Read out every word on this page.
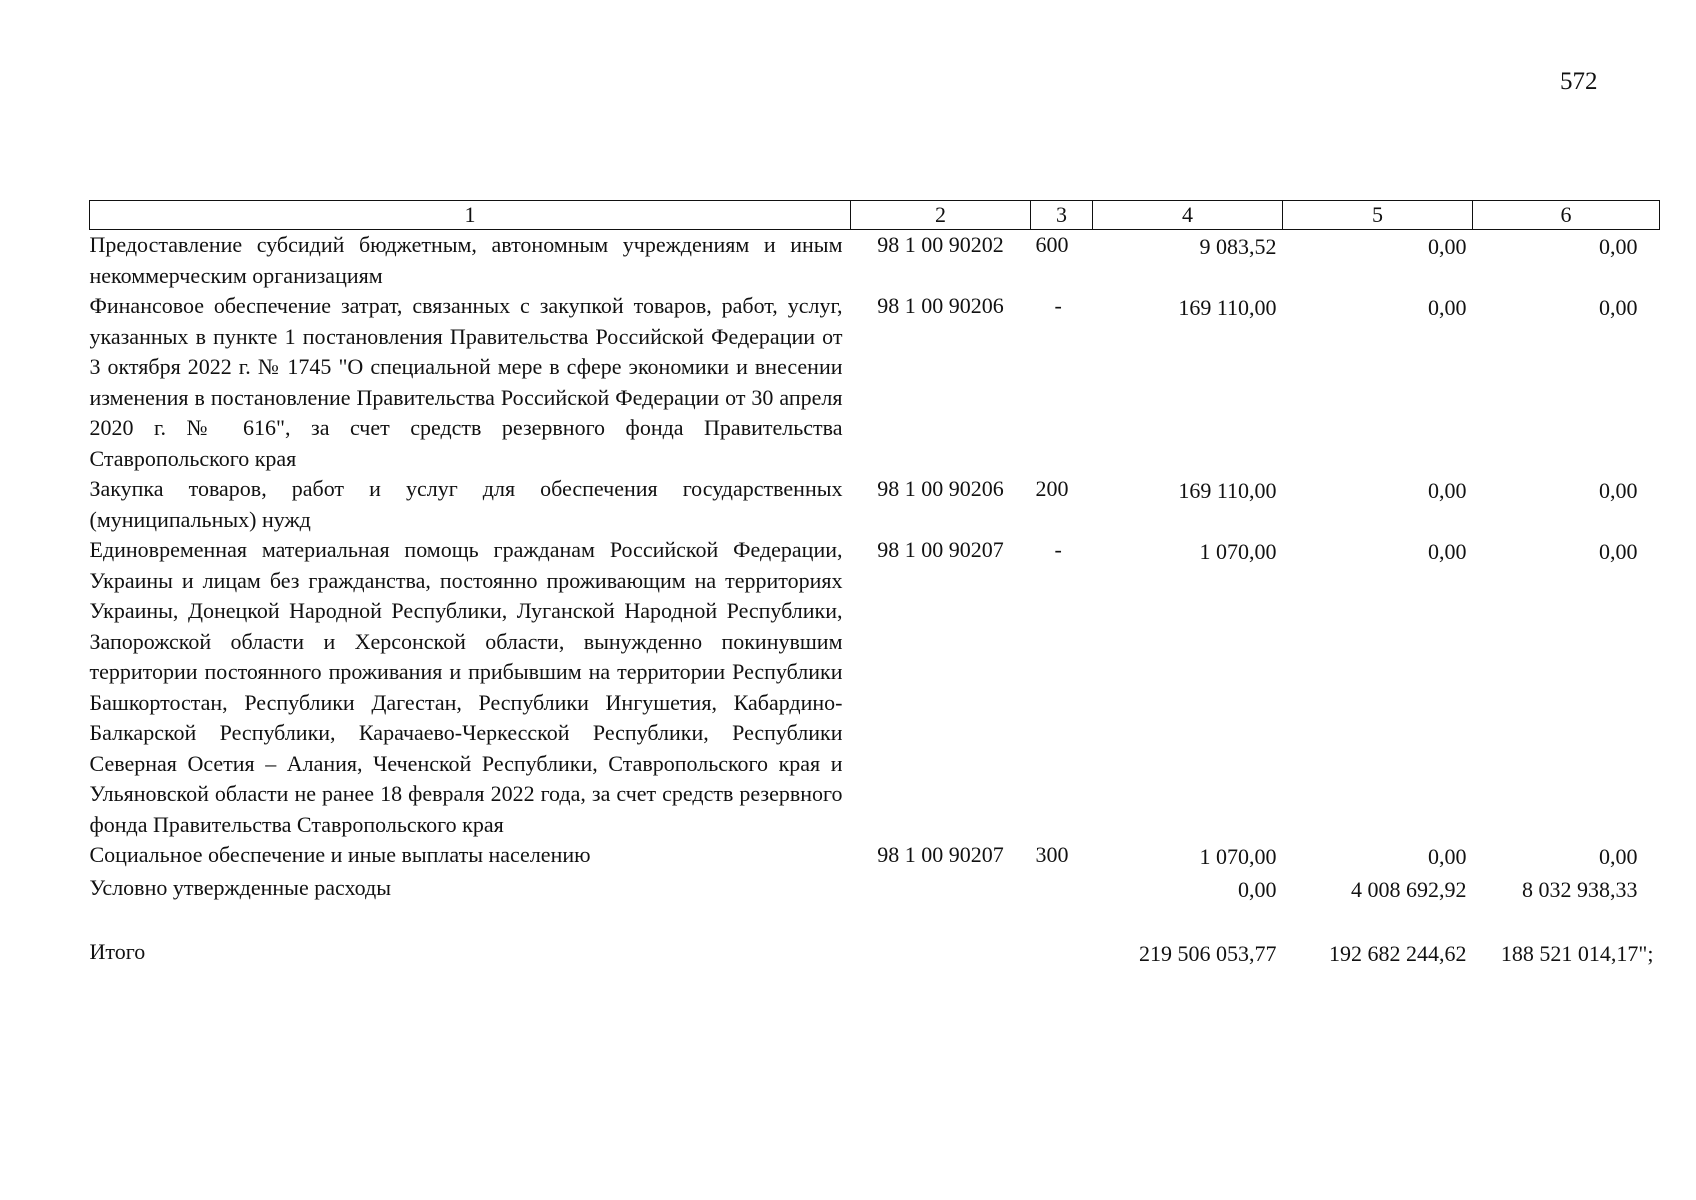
572
1	2	3	4	5	6
Предоставление субсидий бюджетным, автономным учреждениям и иным некоммерческим организациям	98 1 00 90202	600	9 083,52	0,00	0,00
Финансовое обеспечение затрат, связанных с закупкой товаров, работ, услуг, указанных в пункте 1 постановления Правительства Российской Федерации от 3 октября 2022 г. № 1745 "О специальной мере в сфере экономики и внесении изменения в постановление Правительства Российской Федерации от 30 апреля 2020 г. № 616", за счет средств резервного фонда Правительства Ставропольского края	98 1 00 90206	-	169 110,00	0,00	0,00
Закупка товаров, работ и услуг для обеспечения государственных (муниципальных) нужд	98 1 00 90206	200	169 110,00	0,00	0,00
Единовременная материальная помощь гражданам Российской Федерации, Украины и лицам без гражданства, постоянно проживающим на территориях Украины, Донецкой Народной Республики, Луганской Народной Республики, Запорожской области и Херсонской области, вынужденно покинувшим территории постоянного проживания и прибывшим на территории Республики Башкортостан, Республики Дагестан, Республики Ингушетия, Кабардино-Балкарской Республики, Карачаево-Черкесской Республики, Республики Северная Осетия – Алания, Чеченской Республики, Ставропольского края и Ульяновской области не ранее 18 февраля 2022 года, за счет средств резервного фонда Правительства Ставропольского края	98 1 00 90207	-	1 070,00	0,00	0,00
Социальное обеспечение и иные выплаты населению	98 1 00 90207	300	1 070,00	0,00	0,00
Условно утвержденные расходы			0,00	4 008 692,92	8 032 938,33

Итого			219 506 053,77	192 682 244,62	188 521 014,17";
